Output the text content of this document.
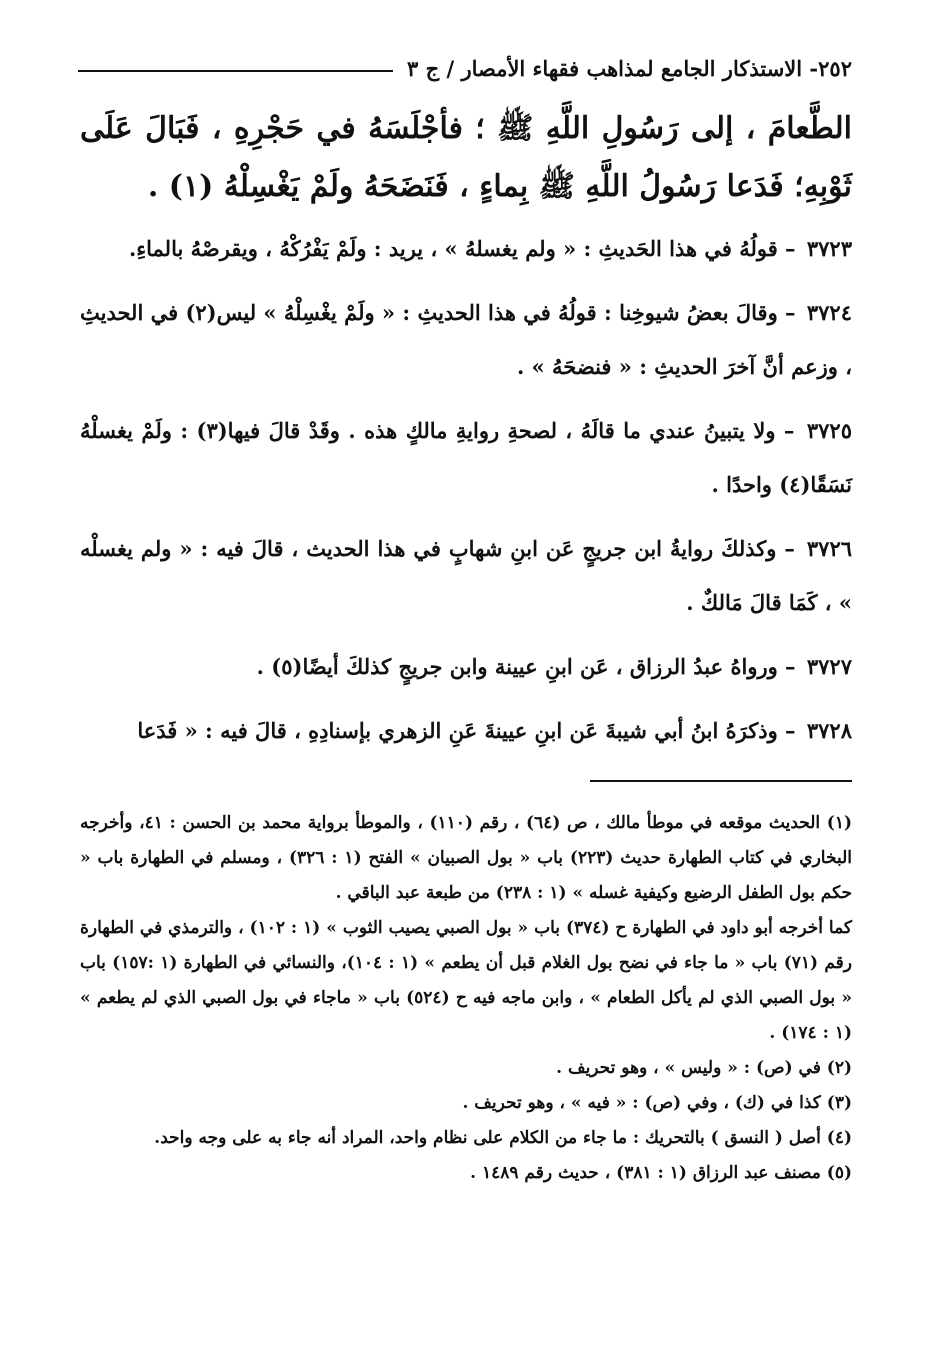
٢٥٢- الاستذكار الجامع لمذاهب فقهاء الأمصار / ج ٣

الطَّعامَ ، إلى رَسُولِ اللَّهِ ﷺ ؛ فأجْلَسَهُ في حَجْرِهِ ، فَبَالَ عَلَى ثَوْبِهِ؛ فَدَعا رَسُولُ اللَّهِ ﷺ بِماءٍ ، فَنَضَحَهُ ولَمْ يَغْسِلْهُ (١) .

٣٧٢٣ – قولُهُ في هذا الحَديثِ : « ولم يغسلهُ » ، يريد : ولَمْ يَفْرُكْهُ ، ويقرصْهُ بالماءِ.

٣٧٢٤ – وقالَ بعضُ شيوخِنا : قولُهُ في هذا الحديثِ : « ولَمْ يغْسِلْهُ » ليس(٢) في الحديثِ ، وزعم أنَّ آخرَ الحديثِ : « فنضحَهُ » .

٣٧٢٥ – ولا يتبينُ عندي ما قالَهُ ، لصحةِ روايةِ مالكٍ هذه . وقَدْ قالَ فيها(٣) : ولَمْ يغسلْهُ نَسَقًا(٤) واحدًا .

٣٧٢٦ – وكذلكَ روايةُ ابن جريجٍ عَن ابنِ شهابٍ في هذا الحديث ، قالَ فيه : « ولم يغسلْه » ، كَمَا قالَ مَالكٌ .

٣٧٢٧ – ورواهُ عبدُ الرزاق ، عَن ابنِ عيينة وابن جريجٍ كذلكَ أيضًا(٥) .

٣٧٢٨ – وذكرَهُ ابنُ أبي شيبةَ عَن ابنِ عيينةَ عَنِ الزهري بإسنادِهِ ، قالَ فيه : « فَدَعا

(١) الحديث موقعه في موطأ مالك ، ص (٦٤) ، رقم (١١٠) ، والموطأ برواية محمد بن الحسن : ٤١، وأخرجه البخاري في كتاب الطهارة حديث (٢٢٣) باب « بول الصبيان » الفتح (١ : ٣٢٦) ، ومسلم في الطهارة باب « حكم بول الطفل الرضيع وكيفية غسله » (١ : ٢٣٨) من طبعة عبد الباقي .

كما أخرجه أبو داود في الطهارة ح (٣٧٤) باب « بول الصبي يصيب الثوب » (١ : ١٠٢) ، والترمذي في الطهارة رقم (٧١) باب « ما جاء في نضح بول الغلام قبل أن يطعم » (١ : ١٠٤)، والنسائي في الطهارة (١ :١٥٧) باب « بول الصبي الذي لم يأكل الطعام » ، وابن ماجه فيه ح (٥٢٤) باب « ماجاء في بول الصبي الذي لم يطعم » (١ : ١٧٤) .

(٢) في (ص) : « وليس » ، وهو تحريف .

(٣) كذا في (ك) ، وفي (ص) : « فيه » ، وهو تحريف .

(٤) أصل ( النسق ) بالتحريك : ما جاء من الكلام على نظام واحد، المراد أنه جاء به على وجه واحد.

(٥) مصنف عبد الرزاق (١ : ٣٨١) ، حديث رقم ١٤٨٩ .
